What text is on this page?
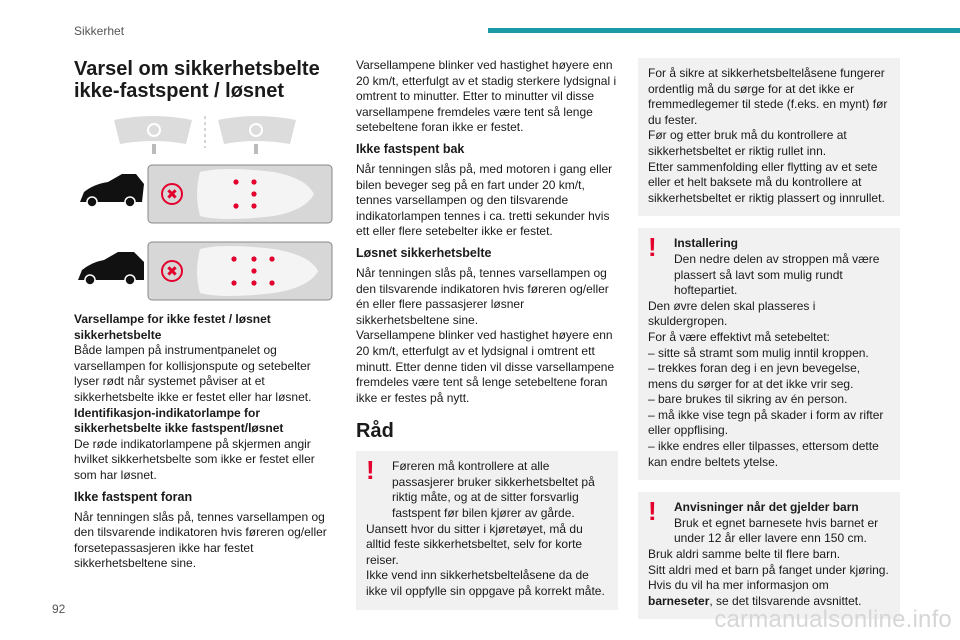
Sikkerhet
Varsel om sikkerhetsbelte
ikke-fastspent / løsnet
✖
✖

Varsellampe for ikke festet / løsnet sikkerhetsbelte
Både lampen på instrumentpanelet og varsellampen for kollisjonspute og setebelter lyser rødt når systemet påviser at et sikkerhetsbelte ikke er festet eller har løsnet.
Identifikasjon-indikatorlampe for sikkerhetsbelte ikke fastspent/løsnet
De røde indikatorlampene på skjermen angir hvilket sikkerhetsbelte som ikke er festet eller som har løsnet.

Ikke fastspent foran

Når tenningen slås på, tennes varsellampen og den tilsvarende indikatoren hvis føreren og/eller forsetepassasjeren ikke har festet sikkerhetsbeltene sine.

Varsellampene blinker ved hastighet høyere enn 20 km/t, etterfulgt av et stadig sterkere lydsignal i omtrent to minutter. Etter to minutter vil disse varsellampene fremdeles være tent så lenge setebeltene foran ikke er festet.

Ikke fastspent bak

Når tenningen slås på, med motoren i gang eller bilen beveger seg på en fart under 20 km/t, tennes varsellampen og den tilsvarende indikatorlampen tennes i ca. tretti sekunder hvis ett eller flere setebelter ikke er festet.

Løsnet sikkerhetsbelte

Når tenningen slås på, tennes varsellampen og den tilsvarende indikatoren hvis føreren og/eller én eller flere passasjerer løsner sikkerhetsbeltene sine.

Varsellampene blinker ved hastighet høyere enn 20 km/t, etterfulgt av et lydsignal i omtrent ett minutt. Etter denne tiden vil disse varsellampene fremdeles være tent så lenge setebeltene foran ikke er festes på nytt.

Råd
!	Føreren må kontrollere at alle passasjerer bruker sikkerhetsbeltet på riktig måte, og at de sitter forsvarlig fastspent før bilen kjører av gårde.

Uansett hvor du sitter i kjøretøyet, må du alltid feste sikkerhetsbeltet, selv for korte reiser.

Ikke vend inn sikkerhetsbeltelåsene da de ikke vil oppfylle sin oppgave på korrekt måte.

For å sikre at sikkerhetsbeltelåsene fungerer ordentlig må du sørge for at det ikke er fremmedlegemer til stede (f.eks. en mynt) før du fester.

Før og etter bruk må du kontrollere at sikkerhetsbeltet er riktig rullet inn.

Etter sammenfolding eller flytting av et sete eller et helt baksete må du kontrollere at sikkerhetsbeltet er riktig plassert og innrullet.

!	Installering

Den nedre delen av stroppen må være plassert så lavt som mulig rundt hoftepartiet.

Den øvre delen skal plasseres i skuldergropen.

For å være effektivt må setebeltet:

– sitte så stramt som mulig inntil kroppen.

– trekkes foran deg i en jevn bevegelse, mens du sørger for at det ikke vrir seg.

– bare brukes til sikring av én person.

– må ikke vise tegn på skader i form av rifter eller oppflising.

– ikke endres eller tilpasses, ettersom dette kan endre beltets ytelse.

!	Anvisninger når det gjelder barn

Bruk et egnet barnesete hvis barnet er under 12 år eller lavere enn 150 cm.

Bruk aldri samme belte til flere barn.

Sitt aldri med et barn på fanget under kjøring.

Hvis du vil ha mer informasjon om
barneseter, se det tilsvarende avsnittet.

92	carmanualsonline.info
